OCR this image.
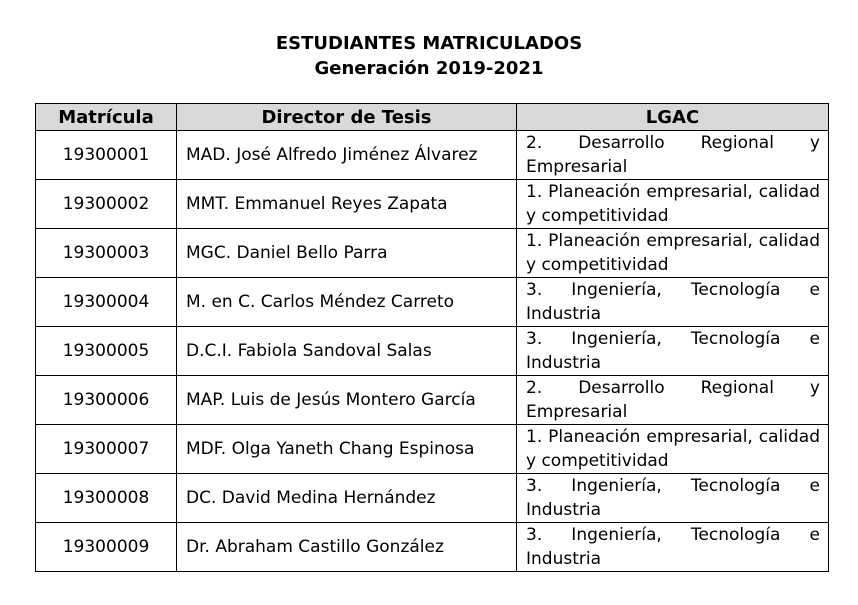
ESTUDIANTES MATRICULADOS
Generación 2019-2021
Matrícula	Director de Tesis	LGAC
19300001	MAD. José Alfredo Jiménez Álvarez	2. Desarrollo Regional y Empresarial
19300002	MMT. Emmanuel Reyes Zapata	1. Planeación empresarial, calidad y competitividad
19300003	MGC. Daniel Bello Parra	1. Planeación empresarial, calidad y competitividad
19300004	M. en C. Carlos Méndez Carreto	3. Ingeniería, Tecnología e Industria
19300005	D.C.I. Fabiola Sandoval Salas	3. Ingeniería, Tecnología e Industria
19300006	MAP. Luis de Jesús Montero García	2. Desarrollo Regional y Empresarial
19300007	MDF. Olga Yaneth Chang Espinosa	1. Planeación empresarial, calidad y competitividad
19300008	DC. David Medina Hernández	3. Ingeniería, Tecnología e Industria
19300009	Dr. Abraham Castillo González	3. Ingeniería, Tecnología e Industria
